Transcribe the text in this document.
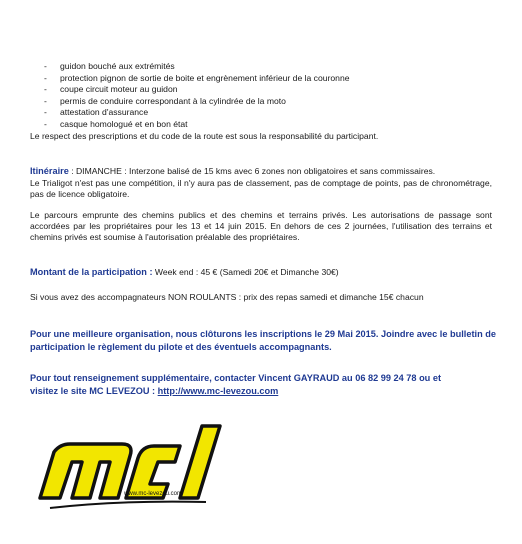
- guidon bouché aux extrémités
- protection pignon de sortie de boite et engrènement inférieur de la couronne
- coupe circuit moteur au guidon
- permis de conduire correspondant à la cylindrée de la moto
- attestation d'assurance
- casque homologué et en bon état
Le respect des prescriptions et du code de la route est sous la responsabilité du participant.
Itinéraire : DIMANCHE : Interzone balisé de 15 kms avec 6 zones non obligatoires et sans commissaires.
Le Trialigot n'est pas une compétition, il n'y aura pas de classement, pas de comptage de points, pas de chronométrage, pas de licence obligatoire.
Le parcours emprunte des chemins publics et des chemins et terrains privés. Les autorisations de passage sont accordées par les propriétaires pour les 13 et 14 juin 2015. En dehors de ces 2 journées, l'utilisation des terrains et chemins privés est soumise à l'autorisation préalable des propriétaires.
Montant de la participation : Week end : 45 € (Samedi 20€ et Dimanche 30€)
Si vous avez des accompagnateurs NON ROULANTS : prix des repas samedi et dimanche 15€ chacun
Pour une meilleure organisation, nous clôturons les inscriptions le 29 Mai 2015. Joindre avec le bulletin de participation le règlement du pilote et des éventuels accompagnants.
Pour tout renseignement supplémentaire, contacter Vincent GAYRAUD au 06 82 99 24 78 ou et
visitez le site MC LEVEZOU : http://www.mc-levezou.com
www.mc-levezou.com
